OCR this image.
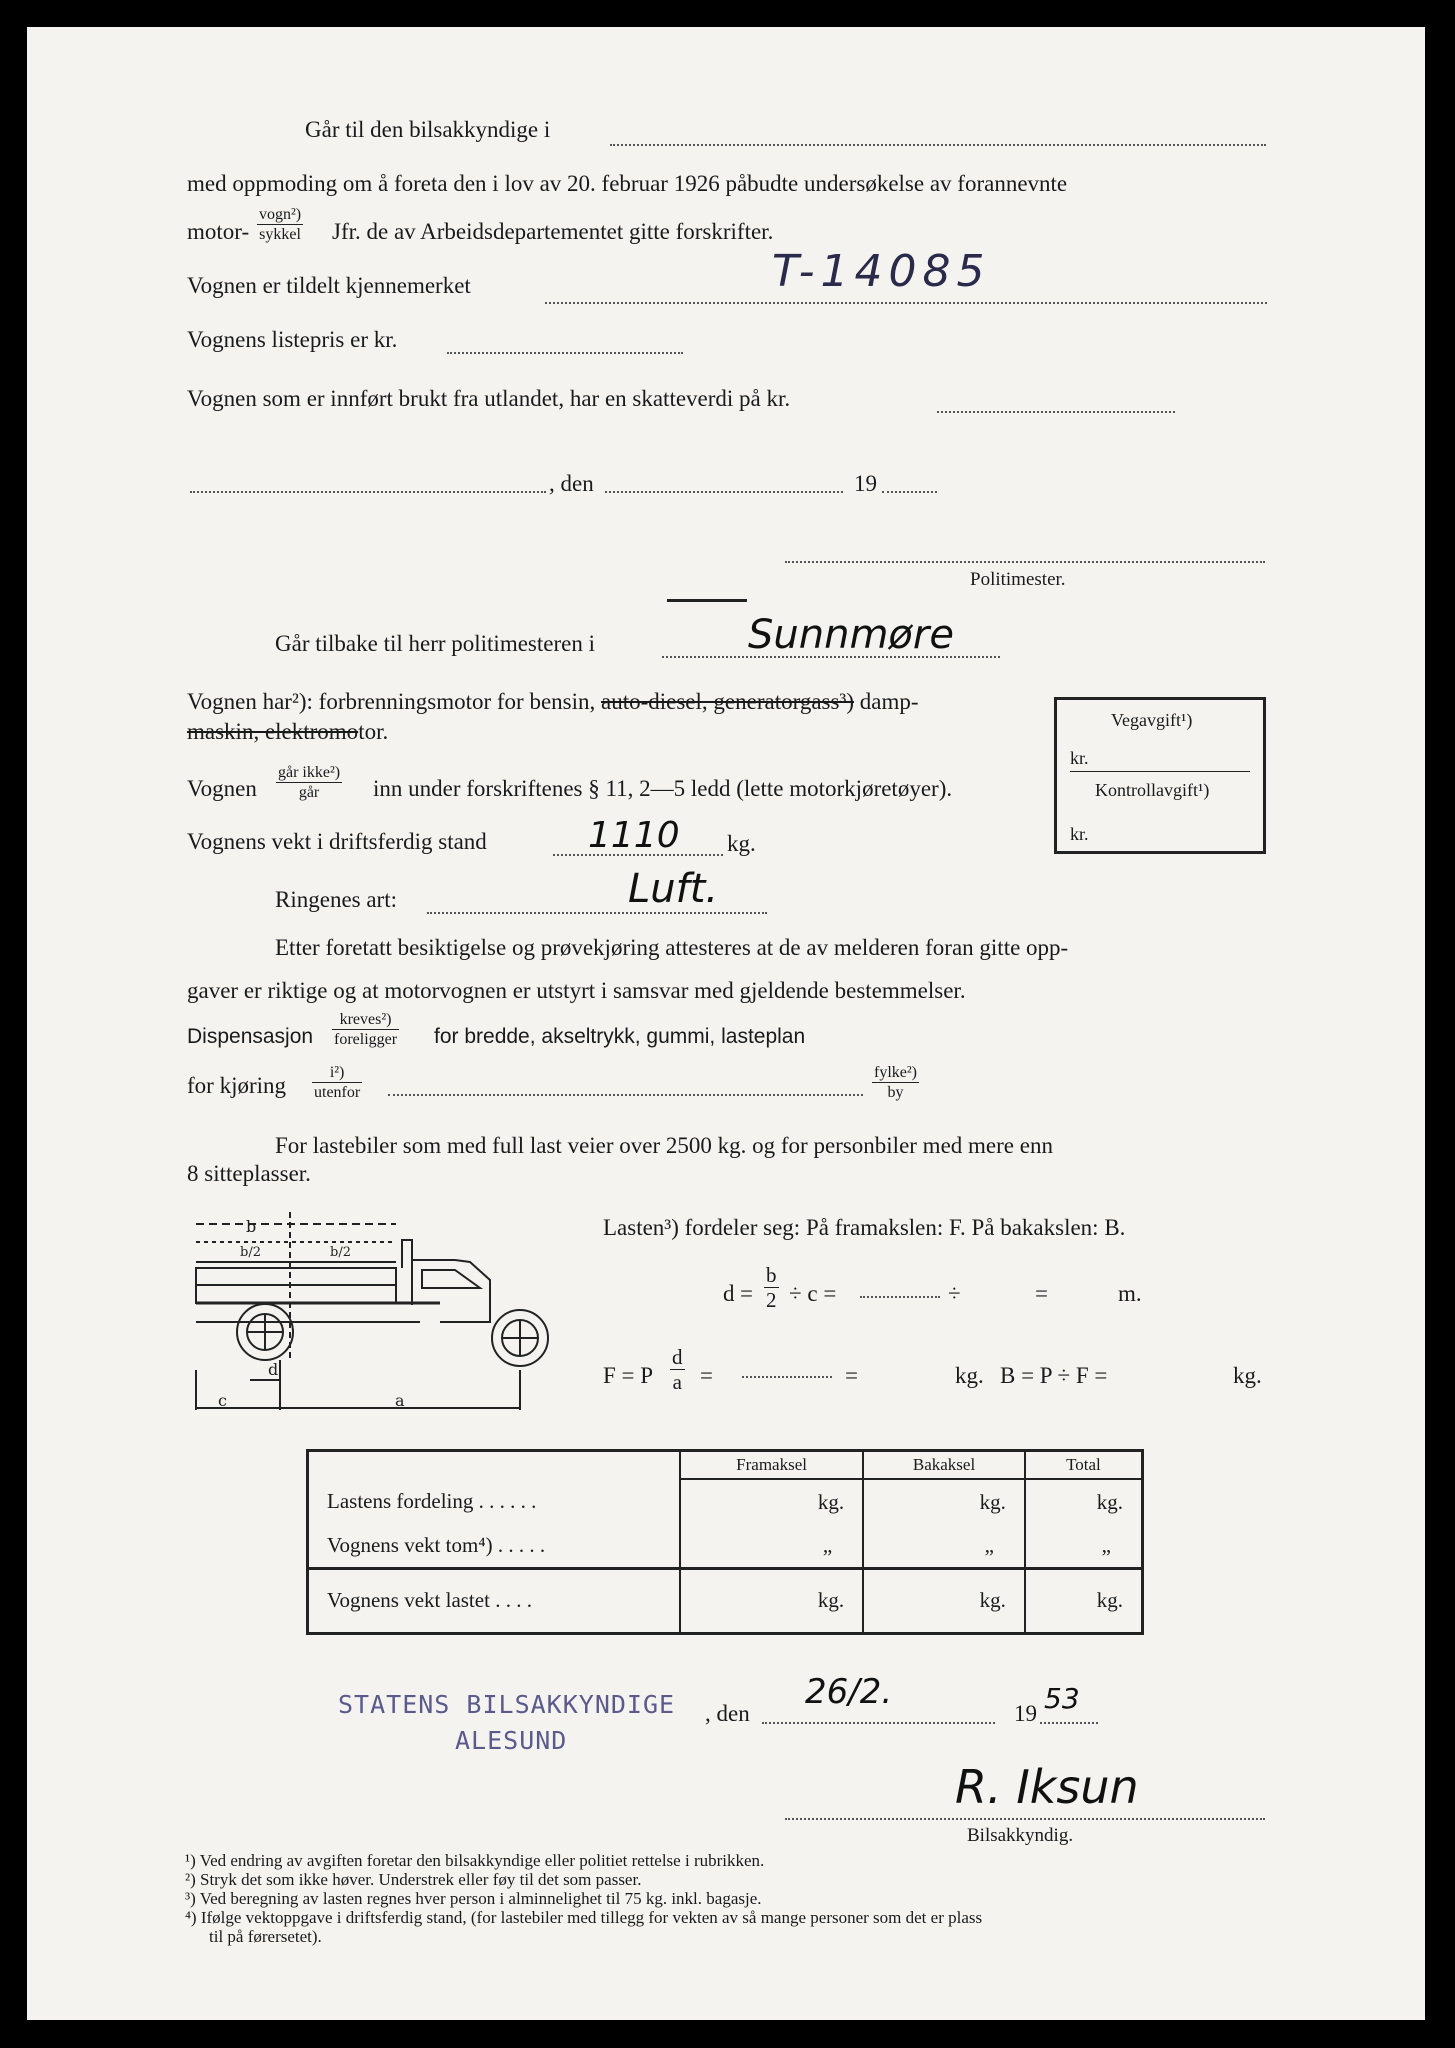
Går til den bilsakkyndige i
med oppmoding om å foreta den i lov av 20. februar 1926 påbudte undersøkelse av forannevnte
motor-
vogn²)
sykkel Jfr. de av Arbeidsdepartementet gitte forskrifter.
Vognen er tildelt kjennemerket	T-14085
Vognens listepris er kr.
Vognen som er innført brukt fra utlandet, har en skatteverdi på kr.
, den	19
Politimester.
Går tilbake til herr politimesteren i	Sunnmøre
Vognen har²): forbrenningsmotor for bensin, auto-diesel, generatorgass³) damp-
maskin, elektromotor.
Vognen
går ikke²)
går	inn under forskriftenes § 11, 2—5 ledd (lette motorkjøretøyer).
Vegavgift¹)
kr.
Kontrollavgift¹)
kr.
Vognens vekt i driftsferdig stand	1110 kg.
Ringenes art:	Luft.
Etter foretatt besiktigelse og prøvekjøring attesteres at de av melderen foran gitte opp-
gaver er riktige og at motorvognen er utstyrt i samsvar med gjeldende bestemmelser.
Dispensasjon
kreves²)
foreligger for bredde, akseltrykk, gummi, lasteplan
for kjøring
i²)
utenfor
fylke²)
by
For lastebiler som med full last veier over 2500 kg. og for personbiler med mere enn
8 sitteplasser.
b
b/2	b/2
c
d
a
Lasten³) fordeler seg: På framakslen: F. På bakakslen: B.
$d = \frac{b}{2} \div c$ =	÷	=	m.
F = P $\frac{d}{a}$ =	=	kg. B = P ÷ F =	kg.
	Framaksel	Bakaksel	Total
Lastens fordeling . . . . . .	kg.	kg.	kg.
Vognens vekt tom⁴) . . . . .	„	„	„
Vognens vekt lastet . . . .	kg.	kg.	kg.
STATENS BILSAKKYNDIGE
ALESUND
, den
26/2.
19 53
R. Iksun
Bilsakkyndig.
¹) Ved endring av avgiften foretar den bilsakkyndige eller politiet rettelse i rubrikken.
²) Stryk det som ikke høver. Understrek eller føy til det som passer.
³) Ved beregning av lasten regnes hver person i alminnelighet til 75 kg. inkl. bagasje.
⁴) Ifølge vektoppgave i driftsferdig stand, (for lastebiler med tillegg for vekten av så mange personer som det er plass
til på førersetet).
